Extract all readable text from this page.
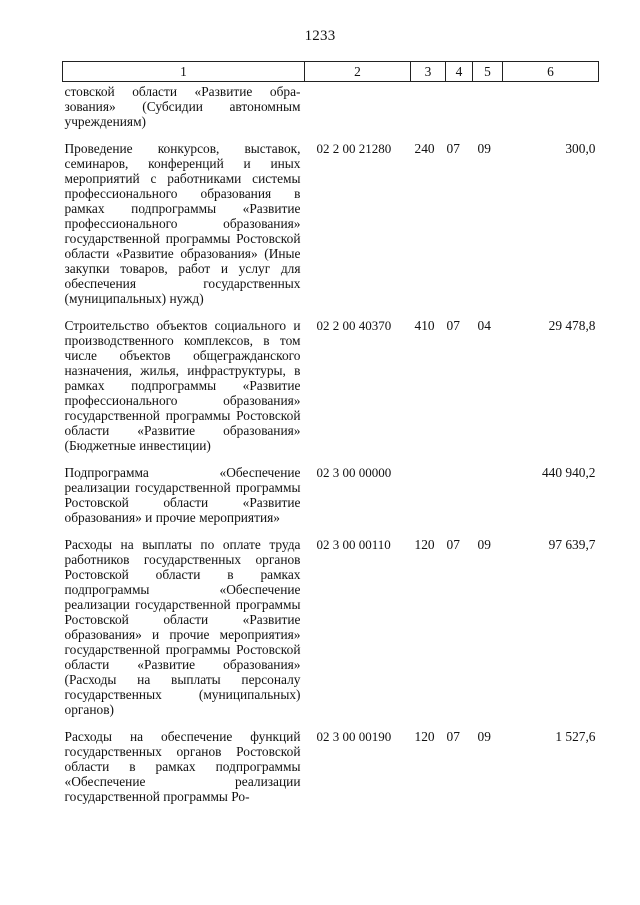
1233
1	2	3	4	5	6
стовской области «Развитие обра-зования» (Субсидии автономным учреждениям)					
Проведение конкурсов, выставок, семинаров, конференций и иных мероприятий с работниками системы профессионального образования в рамках подпрограммы «Развитие профессионального образования» государственной программы Ростовской области «Развитие образования» (Иные закупки товаров, работ и услуг для обеспечения государственных (муниципальных) нужд)	02 2 00 21280	240	07	09	300,0
Строительство объектов социального и производственного комплексов, в том числе объектов общегражданского назначения, жилья, инфраструктуры, в рамках подпрограммы «Развитие профессионального образования» государственной программы Ростовской области «Развитие образования» (Бюджетные инвестиции)	02 2 00 40370	410	07	04	29 478,8
Подпрограмма «Обеспечение реализации государственной программы Ростовской области «Развитие образования» и прочие мероприятия»	02 3 00 00000				440 940,2
Расходы на выплаты по оплате труда работников государственных органов Ростовской области в рамках подпрограммы «Обеспечение реализации государственной программы Ростовской области «Развитие образования» и прочие мероприятия» государственной программы Ростовской области «Развитие образования» (Расходы на выплаты персоналу государственных (муниципальных) органов)	02 3 00 00110	120	07	09	97 639,7
Расходы на обеспечение функций государственных органов Ростовской области в рамках подпрограммы «Обеспечение реализации государственной программы Ро-	02 3 00 00190	120	07	09	1 527,6
